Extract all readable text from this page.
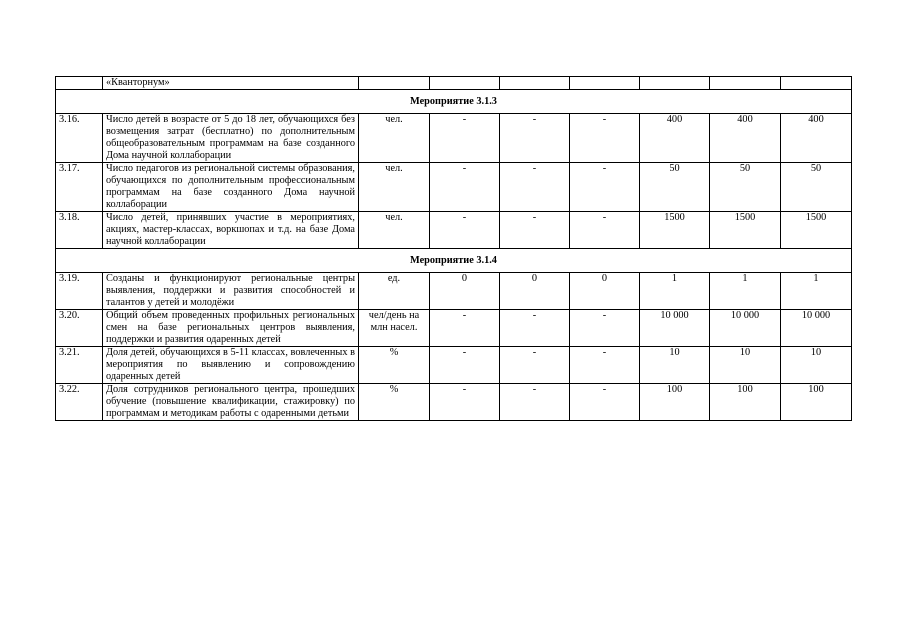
	«Кванторнум»							
Мероприятие 3.1.3								
3.16.	Число детей в возрасте от 5 до 18 лет, обучающихся без возмещения затрат (бесплатно) по дополнительным общеобразовательным программам на базе созданного Дома научной коллаборации	чел.	-	-	-	400	400	400
3.17.	Число педагогов из региональной системы образования, обучающихся по дополнительным профессиональным программам на базе созданного Дома научной коллаборации	чел.	-	-	-	50	50	50
3.18.	Число детей, принявших участие в мероприятиях, акциях, мастер-классах, воркшопах и т.д. на базе Дома научной коллаборации	чел.	-	-	-	1500	1500	1500
Мероприятие 3.1.4								
3.19.	Созданы и функционируют региональные центры выявления, поддержки и развития способностей и талантов у детей и молодёжи	ед.	0	0	0	1	1	1
3.20.	Общий объем проведенных профильных региональных смен на базе региональных центров выявления, поддержки и развития одаренных детей	чел/день на млн насел.	-	-	-	10 000	10 000	10 000
3.21.	Доля детей, обучающихся в 5-11 классах, вовлеченных в мероприятия по выявлению и сопровождению одаренных детей	%	-	-	-	10	10	10
3.22.	Доля сотрудников регионального центра, прошедших обучение (повышение квалификации, стажировку) по программам и методикам работы с одаренными детьми	%	-	-	-	100	100	100
